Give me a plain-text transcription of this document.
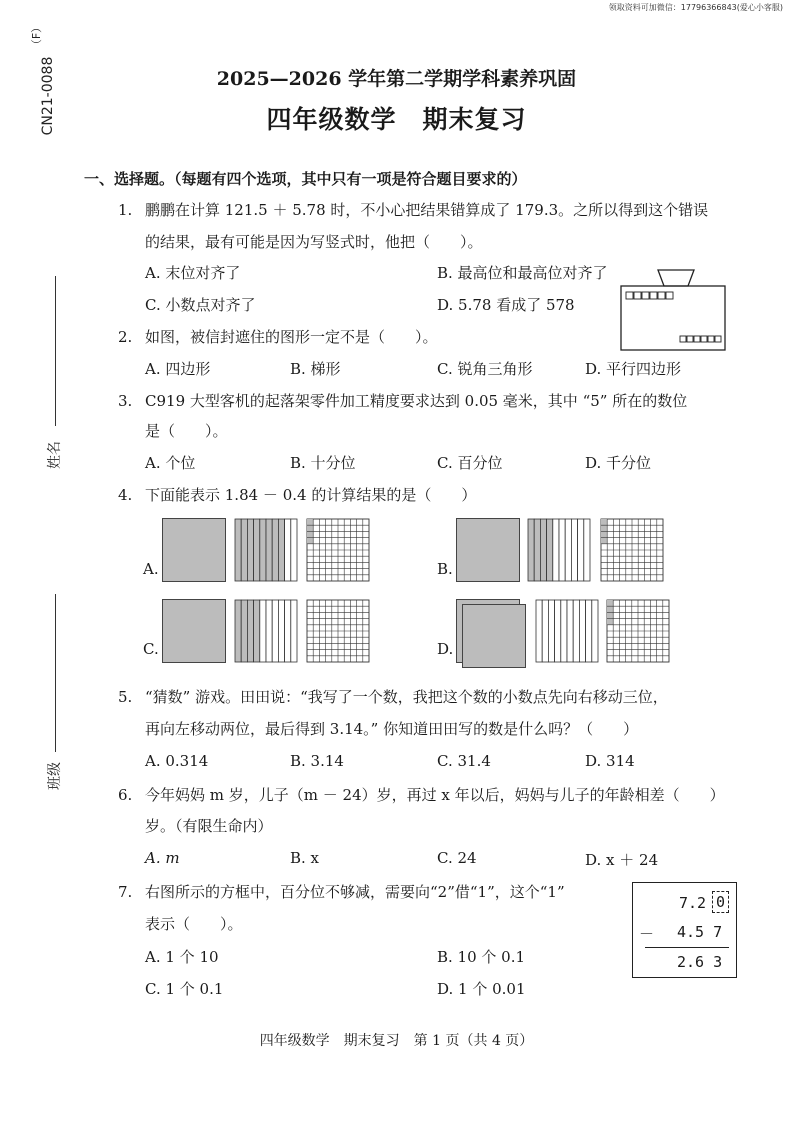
领取资料可加微信：17796366843(爱心小客服)
（F）
CN21-0088
姓名
班级
2025—2026 学年第二学期学科素养巩固
四年级数学　期末复习
一、选择题。（每题有四个选项，其中只有一项是符合题目要求的）
1. 鹏鹏在计算 121.5 ＋ 5.78 时，不小心把结果错算成了 179.3。之所以得到这个错误
的结果，最有可能是因为写竖式时，他把（　　）。
A. 末位对齐了	B. 最高位和最高位对齐了
C. 小数点对齐了	D. 5.78 看成了 578
2. 如图，被信封遮住的图形一定不是（　　）。
A. 四边形	B. 梯形	C. 锐角三角形	D. 平行四边形
3. C919 大型客机的起落架零件加工精度要求达到 0.05 毫米，其中 “5” 所在的数位
是（　　）。
A. 个位	B. 十分位	C. 百分位	D. 千分位
4. 下面能表示 1.84 － 0.4 的计算结果的是（　　）
A.	B.
C.	D.
5. “猜数” 游戏。田田说：“我写了一个数，我把这个数的小数点先向右移动三位，
再向左移动两位，最后得到 3.14。” 你知道田田写的数是什么吗？（　　）
A. 0.314	B. 3.14	C. 31.4	D. 314
6. 今年妈妈 m 岁，儿子（m － 24）岁，再过 x 年以后，妈妈与儿子的年龄相差（　　）
岁。（有限生命内）
A. m	B. x	C. 24	D. x ＋ 24
7. 右图所示的方框中，百分位不够减，需要向“2”借“1”，这个“1”
表示（　　）。
A. 1 个 10	B. 10 个 0.1
C. 1 个 0.1	D. 1 个 0.01
7.2 0
－ 4.5 7
2.6 3
四年级数学　期末复习　第 1 页（共 4 页）
